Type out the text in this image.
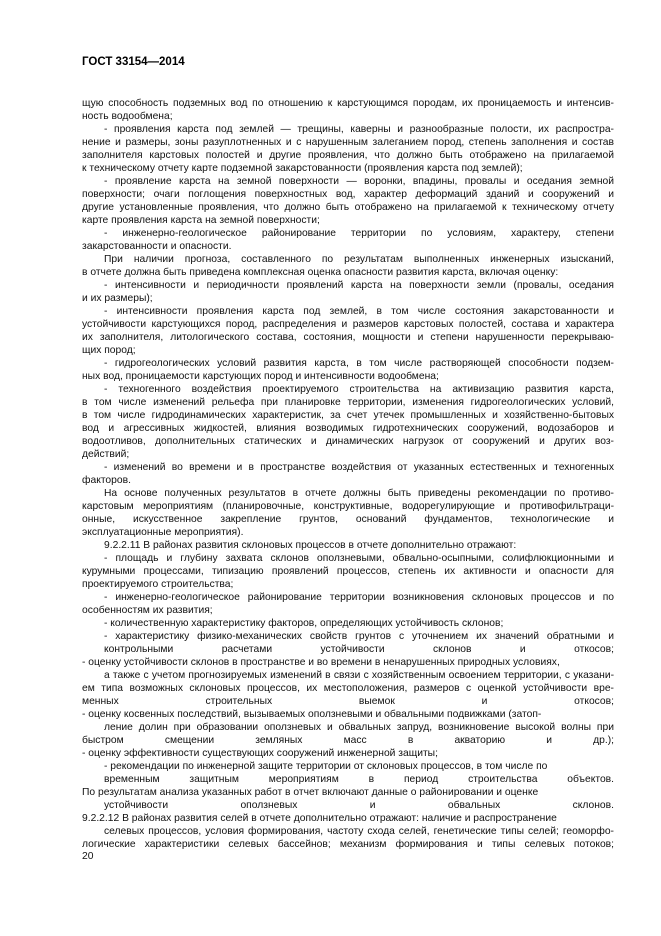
ГОСТ 33154—2014
щую способность подземных вод по отношению к карстующимся породам, их проницаемость и интенсив-
ность водообмена;
- проявления карста под землей — трещины, каверны и разнообразные полости, их распростра-
нение и размеры, зоны разуплотненных и с нарушенным залеганием пород, степень заполнения и состав
заполнителя карстовых полостей и другие проявления, что должно быть отображено на прилагаемой
к техническому отчету карте подземной закарстованности (проявления карста под землей);
- проявление карста на земной поверхности — воронки, впадины, провалы и оседания земной
поверхности; очаги поглощения поверхностных вод, характер деформаций зданий и сооружений и
другие установленные проявления, что должно быть отображено на прилагаемой к техническому отчету
карте проявления карста на земной поверхности;
- инженерно-геологическое районирование территории по условиям, характеру, степени
закарстованности и опасности.
При наличии прогноза, составленного по результатам выполненных инженерных изысканий,
в отчете должна быть приведена комплексная оценка опасности развития карста, включая оценку:
- интенсивности и периодичности проявлений карста на поверхности земли (провалы, оседания
и их размеры);
- интенсивности проявления карста под землей, в том числе состояния закарстованности и
устойчивости карстующихся пород, распределения и размеров карстовых полостей, состава и характера
их заполнителя, литологического состава, состояния, мощности и степени нарушенности перекрываю-
щих пород;
- гидрогеологических условий развития карста, в том числе растворяющей способности подзем-
ных вод, проницаемости карстующих пород и интенсивности водообмена;
- техногенного воздействия проектируемого строительства на активизацию развития карста,
в том числе изменений рельефа при планировке территории, изменения гидрогеологических условий,
в том числе гидродинамических характеристик, за счет утечек промышленных и хозяйственно-бытовых
вод и агрессивных жидкостей, влияния возводимых гидротехнических сооружений, водозаборов и
водоотливов, дополнительных статических и динамических нагрузок от сооружений и других воз-
действий;
- изменений во времени и в пространстве воздействия от указанных естественных и техногенных
факторов.
На основе полученных результатов в отчете должны быть приведены рекомендации по противо-
карстовым мероприятиям (планировочные, конструктивные, водорегулирующие и противофильтраци-
онные, искусственное закрепление грунтов, оснований фундаментов, технологические и
эксплуатационные мероприятия).
9.2.2.11 В районах развития склоновых процессов в отчете дополнительно отражают:
- площадь и глубину захвата склонов оползневыми, обвально-осыпными, солифлюкционными и
курумными процессами, типизацию проявлений процессов, степень их активности и опасности для
проектируемого строительства;
- инженерно-геологическое районирование территории возникновения склоновых процессов и по
особенностям их развития;
- количественную характеристику факторов, определяющих устойчивость склонов;
- характеристику физико-механических свойств грунтов с уточнением их значений обратными и
контрольными расчетами устойчивости склонов и откосов;
- оценку устойчивости склонов в пространстве и во времени в ненарушенных природных условиях,
а также с учетом прогнозируемых изменений в связи с хозяйственным освоением территории, с указани-
ем типа возможных склоновых процессов, их местоположения, размеров с оценкой устойчивости вре-
менных строительных выемок и откосов;
- оценку косвенных последствий, вызываемых оползневыми и обвальными подвижками (затоп-
ление долин при образовании оползневых и обвальных запруд, возникновение высокой волны при
быстром смещении земляных масс в акваторию и др.);
- оценку эффективности существующих сооружений инженерной защиты;
- рекомендации по инженерной защите территории от склоновых процессов, в том числе по
временным защитным мероприятиям в период строительства объектов.
По результатам анализа указанных работ в отчет включают данные о районировании и оценке
устойчивости оползневых и обвальных склонов.
9.2.2.12 В районах развития селей в отчете дополнительно отражают: наличие и распространение
селевых процессов, условия формирования, частоту схода селей, генетические типы селей; геоморфо-
логические характеристики селевых бассейнов; механизм формирования и типы селевых потоков;
20
